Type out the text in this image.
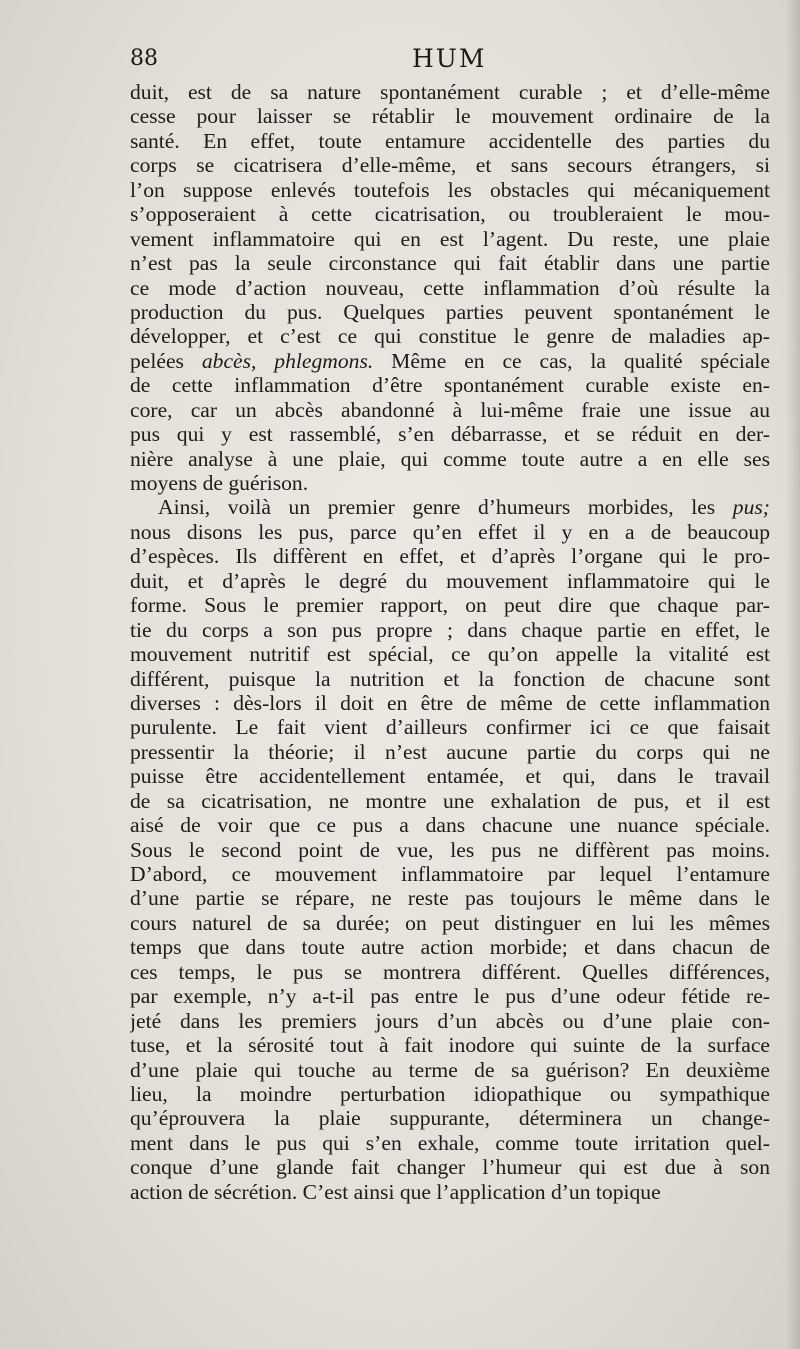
88	HUM
duit, est de sa nature spontanément curable ; et d’elle-même
cesse pour laisser se rétablir le mouvement ordinaire de la
santé. En effet, toute entamure accidentelle des parties du
corps se cicatrisera d’elle-même, et sans secours étrangers, si
l’on suppose enlevés toutefois les obstacles qui mécaniquement
s’opposeraient à cette cicatrisation, ou troubleraient le mou-
vement inflammatoire qui en est l’agent. Du reste, une plaie
n’est pas la seule circonstance qui fait établir dans une partie
ce mode d’action nouveau, cette inflammation d’où résulte la
production du pus. Quelques parties peuvent spontanément le
développer, et c’est ce qui constitue le genre de maladies ap-
pelées abcès, phlegmons. Même en ce cas, la qualité spéciale
de cette inflammation d’être spontanément curable existe en-
core, car un abcès abandonné à lui-même fraie une issue au
pus qui y est rassemblé, s’en débarrasse, et se réduit en der-
nière analyse à une plaie, qui comme toute autre a en elle ses
moyens de guérison.
Ainsi, voilà un premier genre d’humeurs morbides, les pus;
nous disons les pus, parce qu’en effet il y en a de beaucoup
d’espèces. Ils diffèrent en effet, et d’après l’organe qui le pro-
duit, et d’après le degré du mouvement inflammatoire qui le
forme. Sous le premier rapport, on peut dire que chaque par-
tie du corps a son pus propre ; dans chaque partie en effet, le
mouvement nutritif est spécial, ce qu’on appelle la vitalité est
différent, puisque la nutrition et la fonction de chacune sont
diverses : dès-lors il doit en être de même de cette inflammation
purulente. Le fait vient d’ailleurs confirmer ici ce que faisait
pressentir la théorie; il n’est aucune partie du corps qui ne
puisse être accidentellement entamée, et qui, dans le travail
de sa cicatrisation, ne montre une exhalation de pus, et il est
aisé de voir que ce pus a dans chacune une nuance spéciale.
Sous le second point de vue, les pus ne diffèrent pas moins.
D’abord, ce mouvement inflammatoire par lequel l’entamure
d’une partie se répare, ne reste pas toujours le même dans le
cours naturel de sa durée; on peut distinguer en lui les mêmes
temps que dans toute autre action morbide; et dans chacun de
ces temps, le pus se montrera différent. Quelles différences,
par exemple, n’y a-t-il pas entre le pus d’une odeur fétide re-
jeté dans les premiers jours d’un abcès ou d’une plaie con-
tuse, et la sérosité tout à fait inodore qui suinte de la surface
d’une plaie qui touche au terme de sa guérison? En deuxième
lieu, la moindre perturbation idiopathique ou sympathique
qu’éprouvera la plaie suppurante, déterminera un change-
ment dans le pus qui s’en exhale, comme toute irritation quel-
conque d’une glande fait changer l’humeur qui est due à son
action de sécrétion. C’est ainsi que l’application d’un topique
